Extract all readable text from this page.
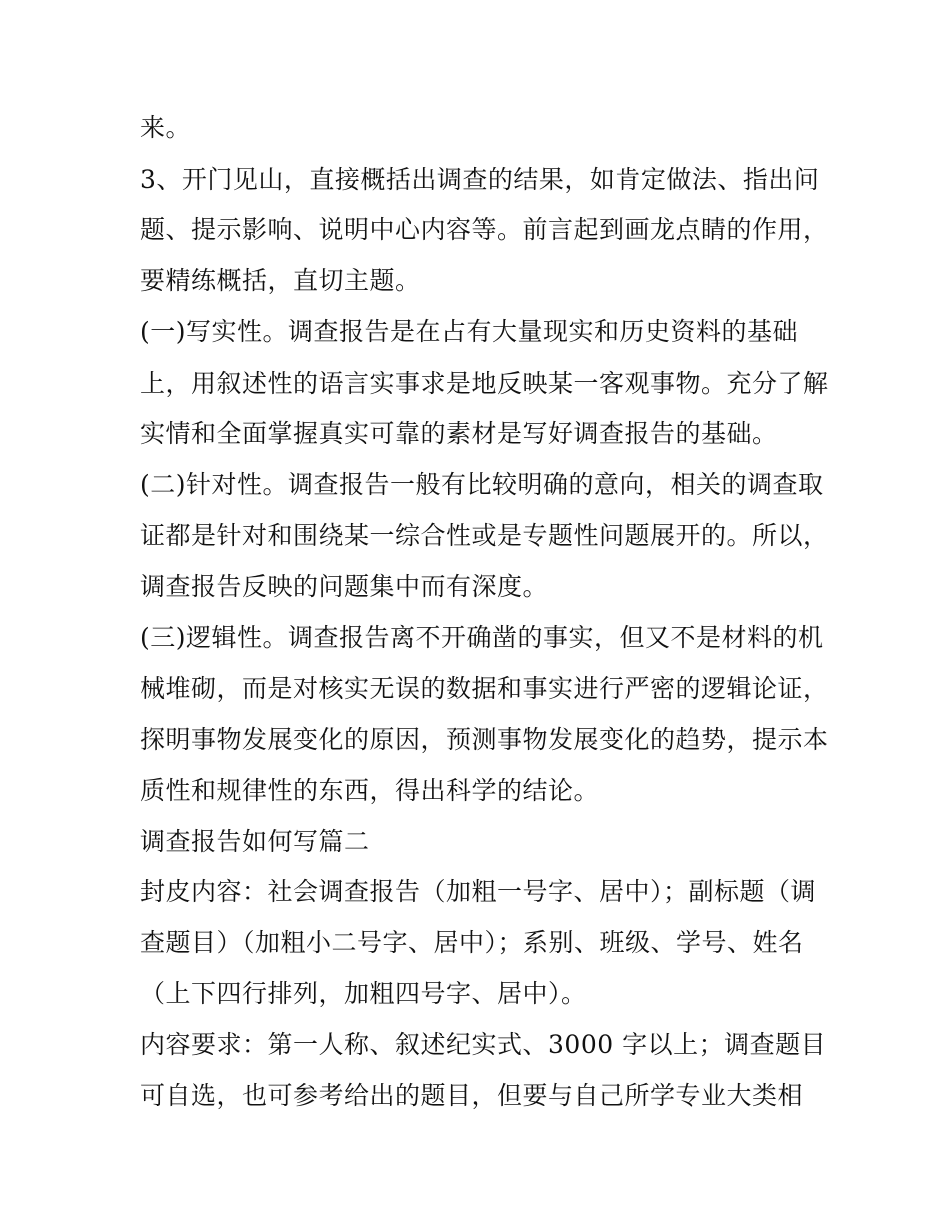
来。
3、开门见山，直接概括出调查的结果，如肯定做法、指出问
题、提示影响、说明中心内容等。前言起到画龙点睛的作用，
要精练概括，直切主题。
(一)写实性。调查报告是在占有大量现实和历史资料的基础
上，用叙述性的语言实事求是地反映某一客观事物。充分了解
实情和全面掌握真实可靠的素材是写好调查报告的基础。
(二)针对性。调查报告一般有比较明确的意向，相关的调查取
证都是针对和围绕某一综合性或是专题性问题展开的。所以，
调查报告反映的问题集中而有深度。
(三)逻辑性。调查报告离不开确凿的事实，但又不是材料的机
械堆砌，而是对核实无误的数据和事实进行严密的逻辑论证，
探明事物发展变化的原因，预测事物发展变化的趋势，提示本
质性和规律性的东西，得出科学的结论。
调查报告如何写篇二
封皮内容：社会调查报告（加粗一号字、居中）；副标题（调
查题目）（加粗小二号字、居中）；系别、班级、学号、姓名
（上下四行排列，加粗四号字、居中）。
内容要求：第一人称、叙述纪实式、3000 字以上；调查题目
可自选，也可参考给出的题目，但要与自己所学专业大类相
